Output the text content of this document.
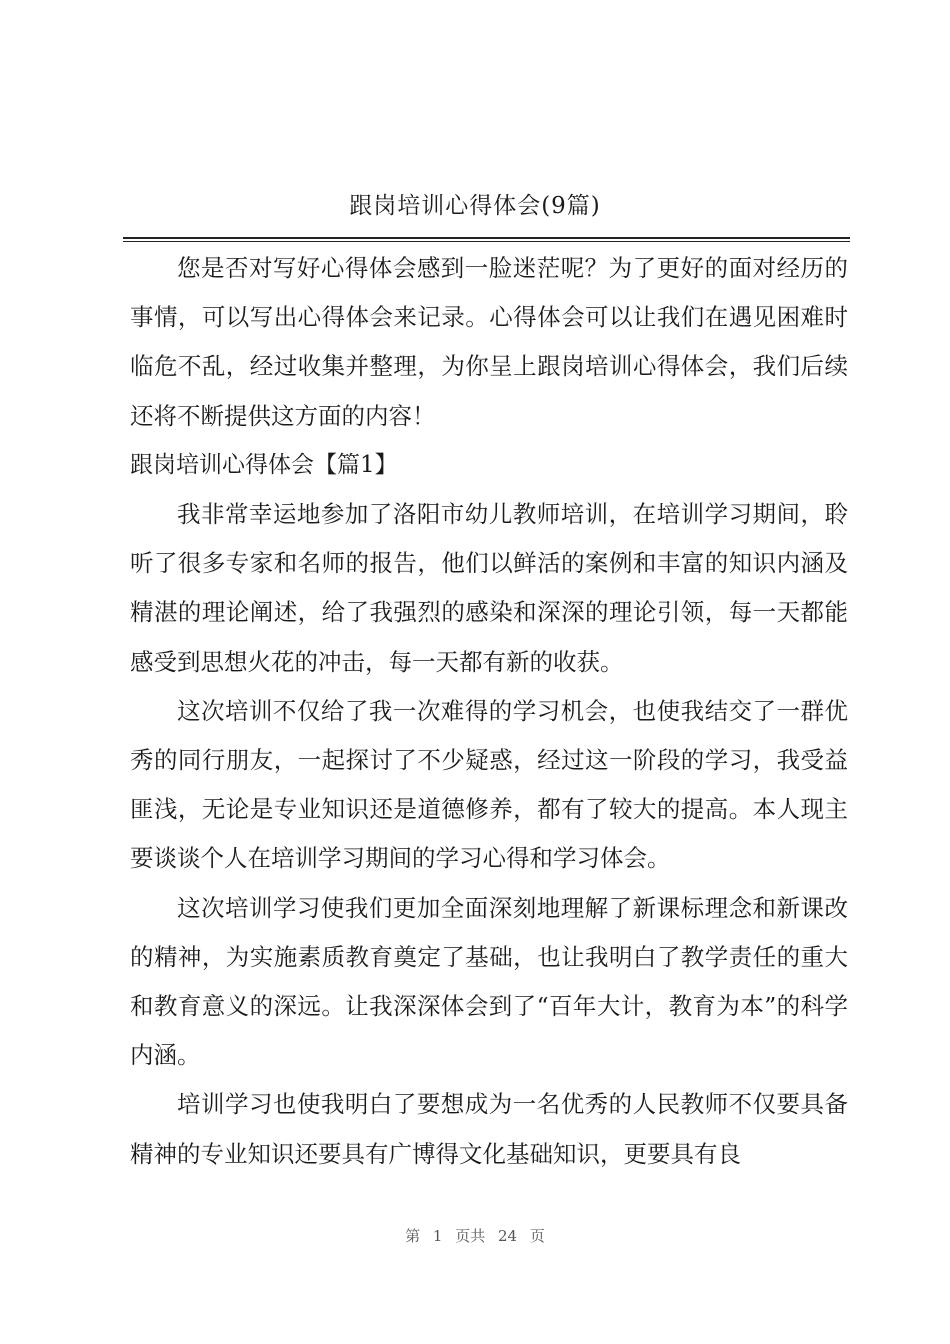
跟岗培训心得体会(9篇)

您是否对写好心得体会感到一脸迷茫呢？为了更好的面对经历的事情，可以写出心得体会来记录。心得体会可以让我们在遇见困难时临危不乱，经过收集并整理，为你呈上跟岗培训心得体会，我们后续还将不断提供这方面的内容！

跟岗培训心得体会【篇1】

我非常幸运地参加了洛阳市幼儿教师培训，在培训学习期间，聆听了很多专家和名师的报告，他们以鲜活的案例和丰富的知识内涵及精湛的理论阐述，给了我强烈的感染和深深的理论引领，每一天都能感受到思想火花的冲击，每一天都有新的收获。

这次培训不仅给了我一次难得的学习机会，也使我结交了一群优秀的同行朋友，一起探讨了不少疑惑，经过这一阶段的学习，我受益匪浅，无论是专业知识还是道德修养，都有了较大的提高。本人现主要谈谈个人在培训学习期间的学习心得和学习体会。

这次培训学习使我们更加全面深刻地理解了新课标理念和新课改的精神，为实施素质教育奠定了基础，也让我明白了教学责任的重大和教育意义的深远。让我深深体会到了“百年大计，教育为本”的科学内涵。

培训学习也使我明白了要想成为一名优秀的人民教师不仅要具备精神的专业知识还要具有广博得文化基础知识，更要具有良

第 1 页共 24 页
